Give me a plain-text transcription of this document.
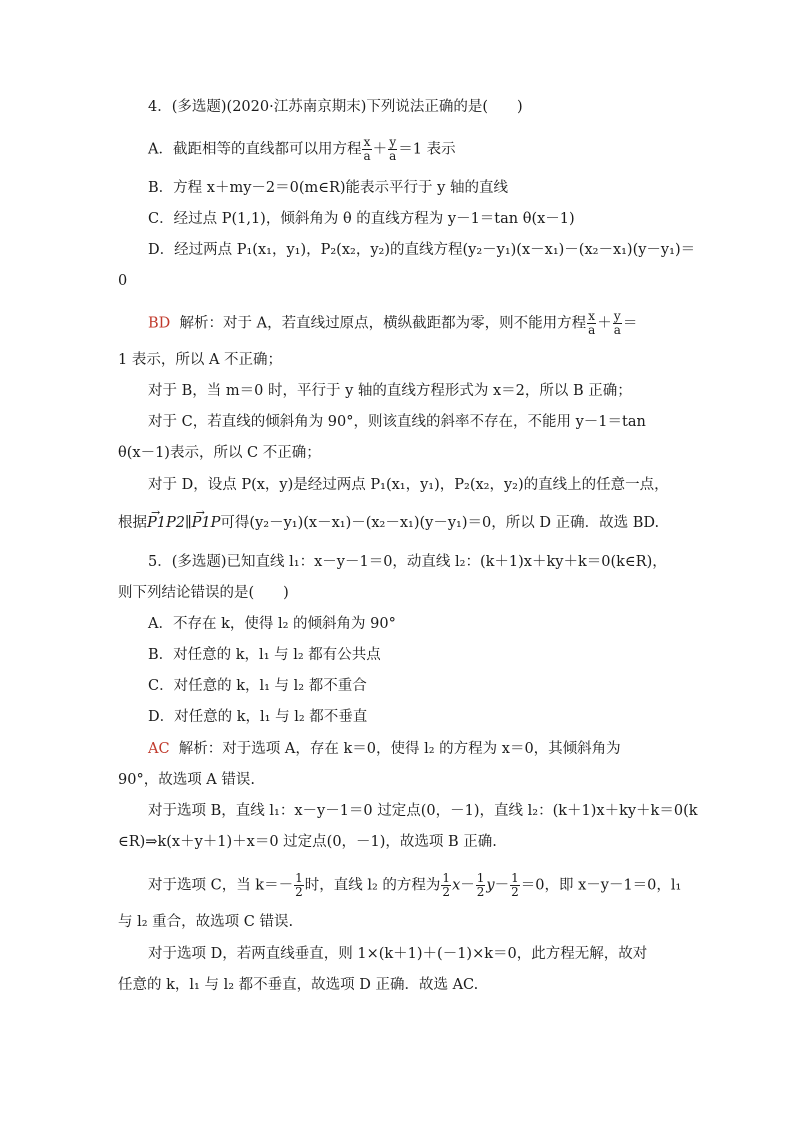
4．(多选题)(2020·江苏南京期末)下列说法正确的是(　　)
A．截距相等的直线都可以用方程 $\frac{x}{a} + \frac{y}{a} =1$ 表示
B．方程 x＋my－2＝0(m∈R)能表示平行于 y 轴的直线
C．经过点 P(1,1)，倾斜角为 θ 的直线方程为 y－1＝tan θ(x－1)
D．经过两点 P₁(x₁，y₁)，P₂(x₂，y₂)的直线方程(y₂－y₁)(x－x₁)－(x₂－x₁)(y－y₁)＝
0
BD 解析：对于 A，若直线过原点，横纵截距都为零，则不能用方程 $\frac{x}{a} + \frac{y}{a}$ ＝
1 表示，所以 A 不正确；
对于 B，当 m＝0 时，平行于 y 轴的直线方程形式为 x＝2，所以 B 正确；
对于 C，若直线的倾斜角为 90°，则该直线的斜率不存在，不能用 y－1＝tan
θ(x－1)表示，所以 C 不正确；
对于 D，设点 P(x，y)是经过两点 P₁(x₁，y₁)，P₂(x₂，y₂)的直线上的任意一点，
根据→ P1P2∥→ P1P可得(y₂－y₁)(x－x₁)－(x₂－x₁)(y－y₁)＝0，所以 D 正确．故选 BD.
5．(多选题)已知直线 l₁：x－y－1＝0，动直线 l₂：(k＋1)x＋ky＋k＝0(k∈R)，
则下列结论错误的是(　　)
A．不存在 k，使得 l₂ 的倾斜角为 90°
B．对任意的 k，l₁ 与 l₂ 都有公共点
C．对任意的 k，l₁ 与 l₂ 都不重合
D．对任意的 k，l₁ 与 l₂ 都不垂直
AC 解析：对于选项 A，存在 k＝0，使得 l₂ 的方程为 x＝0，其倾斜角为
90°，故选项 A 错误.
对于选项 B，直线 l₁：x－y－1＝0 过定点(0，－1)，直线 l₂：(k＋1)x＋ky＋k＝0(k
∈R)⇒k(x＋y＋1)＋x＝0 过定点(0，－1)，故选项 B 正确.
对于选项 C，当 $k=- \frac{1}{2}$ 时，直线 l₂ 的方程为 $\frac{1}{2} x- \frac{1}{2} y- \frac{1}{2} =0$，即 x－y－1＝0，l₁
与 l₂ 重合，故选项 C 错误.
对于选项 D，若两直线垂直，则 1×(k＋1)＋(－1)×k＝0，此方程无解，故对
任意的 k，l₁ 与 l₂ 都不垂直，故选项 D 正确．故选 AC.
